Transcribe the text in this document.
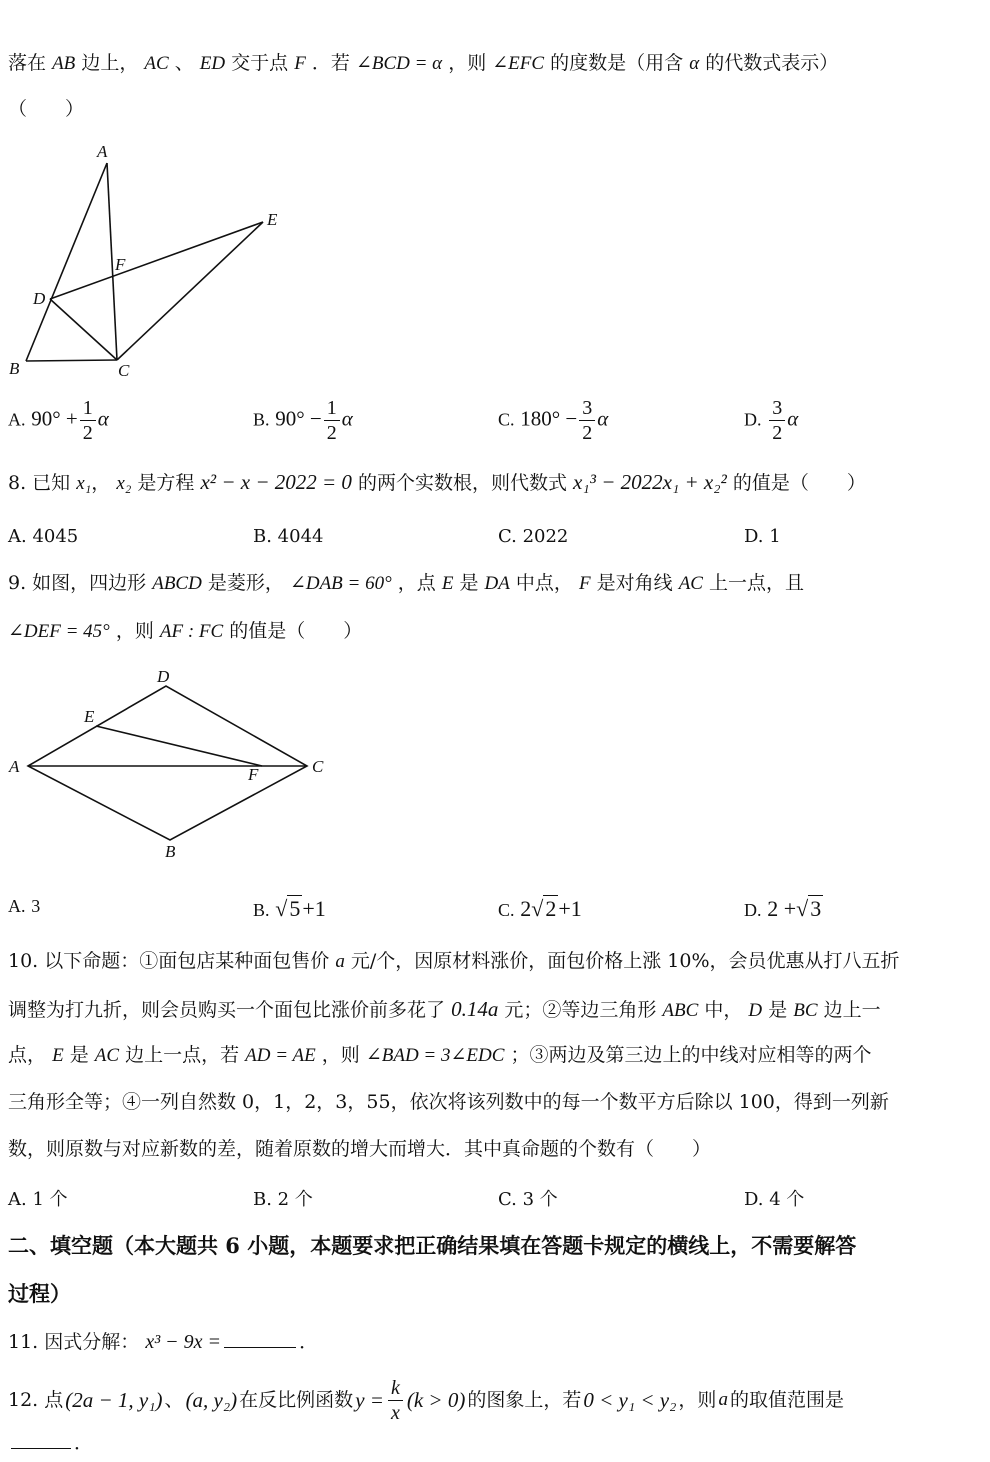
落在 AB 边上， AC 、 ED 交于点 F ．若 ∠BCD = α ，则 ∠EFC 的度数是（用含 α 的代数式表示）
（　　）
A
E
F
D
B	C
A. $90^\circ + \frac{1}{2}$ α	B. $90^\circ - \frac{1}{2}$ α	C. $180^\circ - \frac{3}{2}$ α	D. $\frac{3}{2}$ α
8. 已知 x₁， x₂ 是方程 x² − x − 2022 = 0 的两个实数根，则代数式 x₁³ − 2022x₁ + x₂² 的值是（　　）
A. 4045	B. 4044	C. 2022	D. 1
9. 如图，四边形 ABCD 是菱形， ∠DAB = 60° ，点 E 是 DA 中点， F 是对角线 AC 上一点，且
∠DEF = 45° ，则 AF : FC 的值是（　　）
D
E
A	F	C
B
A. 3	B. √5+1	C. 2√2+1	D. 2 +√3
10. 以下命题：①面包店某种面包售价 a 元/个，因原材料涨价，面包价格上涨 10%，会员优惠从打八五折
调整为打九折，则会员购买一个面包比涨价前多花了 0.14a 元；②等边三角形 ABC 中， D 是 BC 边上一
点， E 是 AC 边上一点，若 AD = AE ，则 ∠BAD = 3∠EDC ；③两边及第三边上的中线对应相等的两个
三角形全等；④一列自然数 0，1，2，3，55，依次将该列数中的每一个数平方后除以 100，得到一列新
数，则原数与对应新数的差，随着原数的增大而增大．其中真命题的个数有（　　）
A. 1 个	B. 2 个	C. 3 个	D. 4 个
二、填空题（本大题共 6 小题，本题要求把正确结果填在答题卡规定的横线上，不需要解答
过程）
11. 因式分解： x³ − 9x =	．
12. 点 (2a − 1, y₁) 、 (a, y₂) 在反比例函数 $y = \frac{k}{x} (k > 0)$ 的图象上，若 0 < y₁ < y₂ ，则 a 的取值范围是
．
